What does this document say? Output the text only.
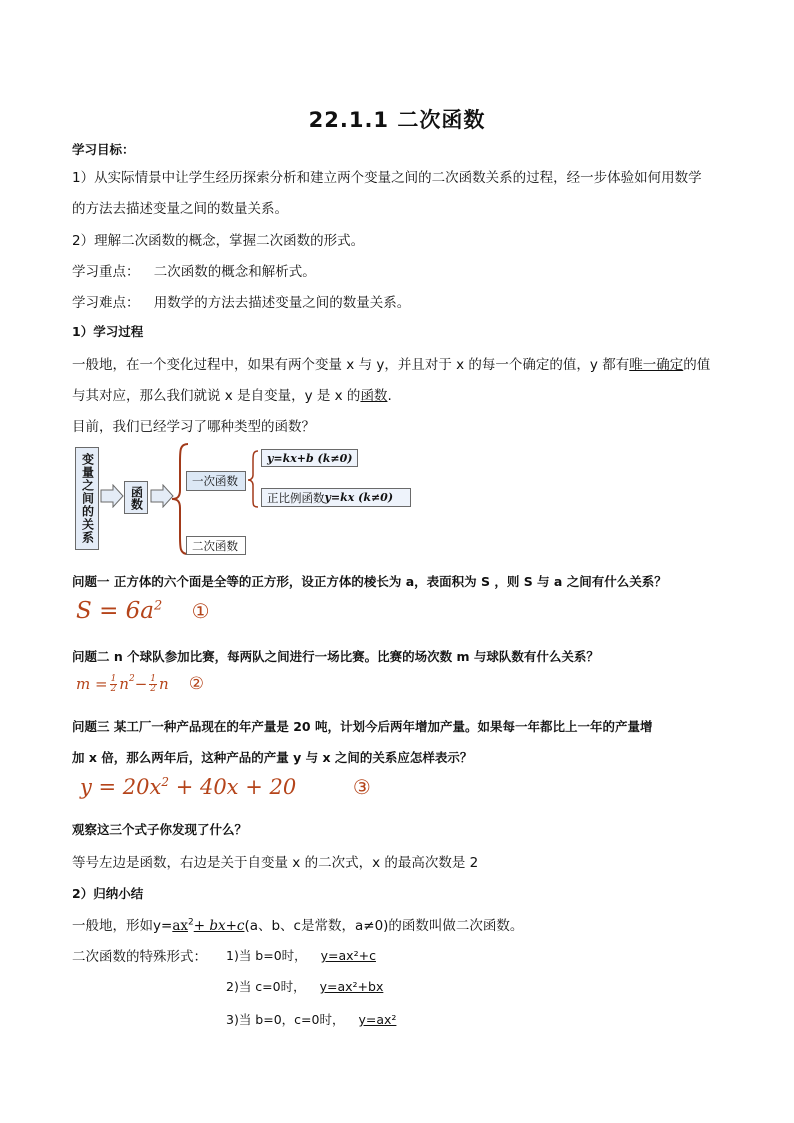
22.1.1 二次函数
学习目标：
1）从实际情景中让学生经历探索分析和建立两个变量之间的二次函数关系的过程，经一步体验如何用数学
的方法去描述变量之间的数量关系。
2）理解二次函数的概念，掌握二次函数的形式。
学习重点： 二次函数的概念和解析式。
学习难点： 用数学的方法去描述变量之间的数量关系。
1）学习过程
一般地，在一个变化过程中，如果有两个变量 x 与 y，并且对于 x 的每一个确定的值，y 都有唯一确定的值
与其对应，那么我们就说 x 是自变量，y 是 x 的函数.
目前，我们已经学习了哪种类型的函数？
变量之间的关系	函数
一次函数
y=kx+b (k≠0)
正比例函数 y=kx (k≠0)
二次函数
问题一 正方体的六个面是全等的正方形，设正方体的棱长为 a，表面积为 S ，则 S 与 a 之间有什么关系？
$S = 6a^2$ ①
问题二 n 个球队参加比赛，每两队之间进行一场比赛。比赛的场次数 m 与球队数有什么关系？
$m = \frac{1}{2} n^2 - \frac{1}{2}$ n ②
问题三 某工厂一种产品现在的年产量是 20 吨，计划今后两年增加产量。如果每一年都比上一年的产量增
加 x 倍，那么两年后，这种产品的产量 y 与 x 之间的关系应怎样表示？
$y = 20x^2 + 40x + 20$	③
观察这三个式子你发现了什么？
等号左边是函数，右边是关于自变量 x 的二次式，x 的最高次数是 2
2）归纳小结
一般地，形如$y=ax^2+ bx+c(a$、b、c是常数，a≠0)的函数叫做二次函数。
二次函数的特殊形式： 1)当 b=0时， y=ax²+c
2)当 c=0时， y=ax²+bx
3)当 b=0，c=0时， y=ax²
